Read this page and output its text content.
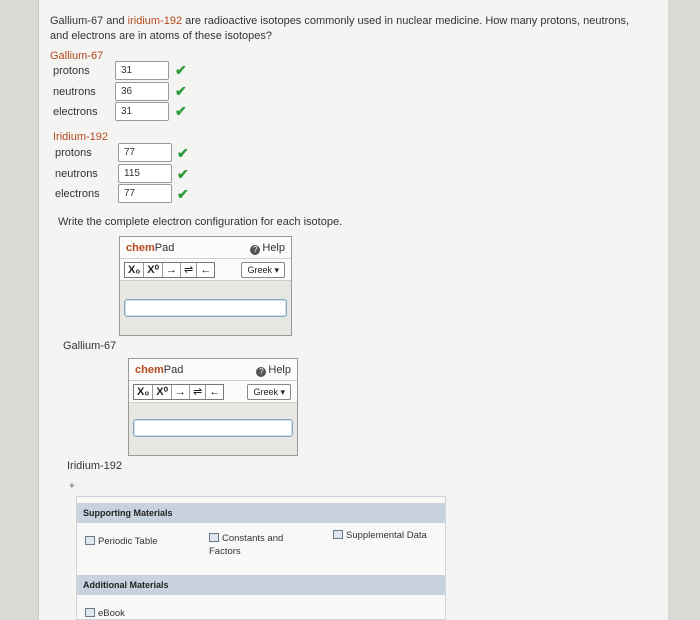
Gallium-67 and iridium-192 are radioactive isotopes commonly used in nuclear medicine. How many protons, neutrons, and electrons are in atoms of these isotopes?
Gallium-67
protons	31	✔
neutrons	36	✔
electrons	31	✔
Iridium-192
protons	77	✔
neutrons	115	✔
electrons	77	✔
Write the complete electron configuration for each isotope.
chemPad	? Help
X₀ X⁰ → ⇌ ←	Greek ▾
Gallium-67
chemPad	? Help
X₀ X⁰ → ⇌ ←	Greek ▾
Iridium-192
+
Supporting Materials
Periodic Table	Constants and Factors
Supplemental Data
Additional Materials
eBook
